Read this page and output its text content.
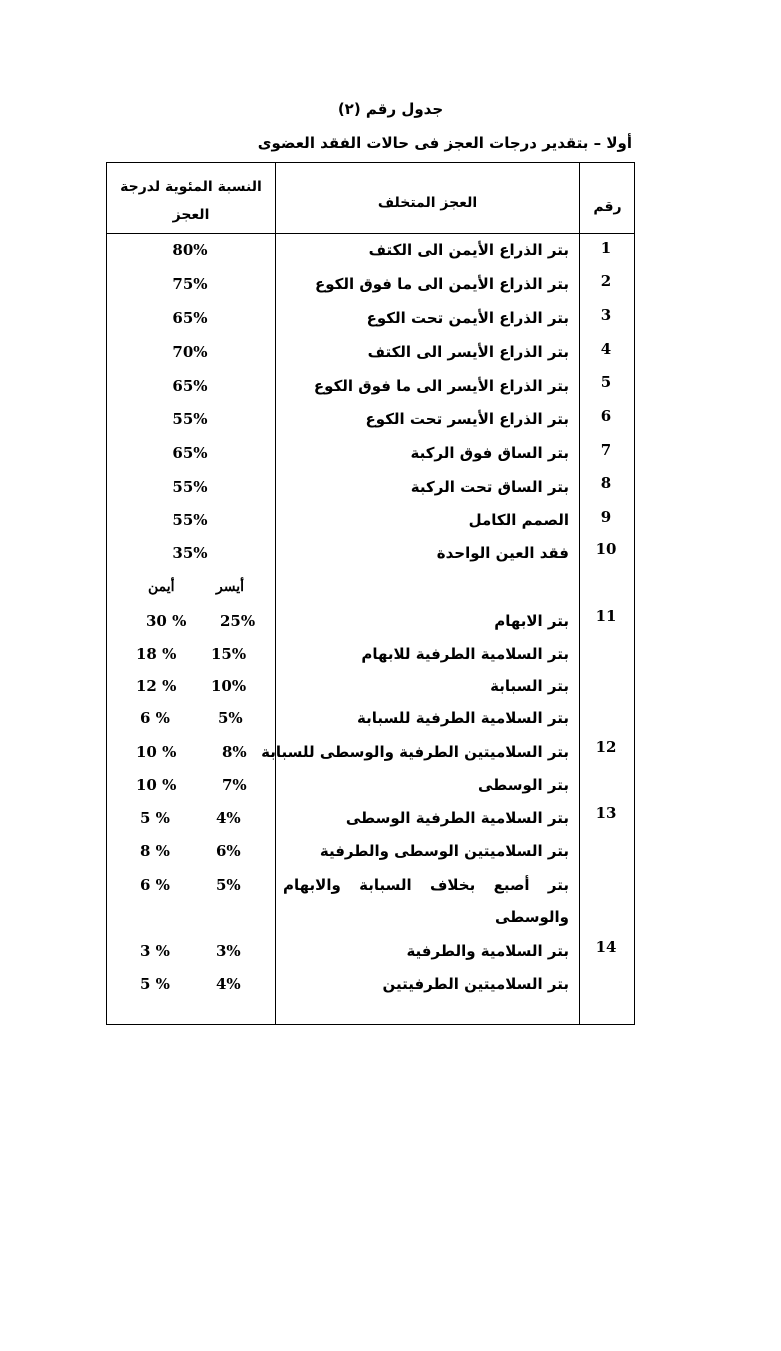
جدول رقم (٢)
أولا – بتقدير درجات العجز فى حالات الفقد العضوى
النسبة المئوية لدرجة
العجز
العجز المتخلف	رقم
1
بتر الذراع الأيمن الى الكتف
80%
2
بتر الذراع الأيمن الى ما فوق الكوع
75%
3
بتر الذراع الأيمن تحت الكوع
65%
4
بتر الذراع الأيسر الى الكتف
70%
5
بتر الذراع الأيسر الى ما فوق الكوع
65%
6
بتر الذراع الأيسر تحت الكوع
55%
7
بتر الساق فوق الركبة
65%
8
بتر الساق تحت الركبة
55%
9
الصمم الكامل
55%
10
فقد العين الواحدة
35%
أيسر
أيمن
11
بتر الابهام
25%
30 %
بتر السلامية الطرفية للابهام
15%
18 %
بتر السبابة
10%
12 %
بتر السلامية الطرفية للسبابة
5%
6 %
12
بتر السلاميتين الطرفية والوسطى للسبابة
8%
10 %
بتر الوسطى
7%
10 %
13
بتر السلامية الطرفية الوسطى
4%
5 %
بتر السلاميتين الوسطى والطرفية
6%
8 %
بتر أصبع بخلاف السبابة والابهام
والوسطى
5%
6 %
14
بتر السلامية والطرفية
3%
3 %
بتر السلاميتين الطرفيتين
4%
5 %
